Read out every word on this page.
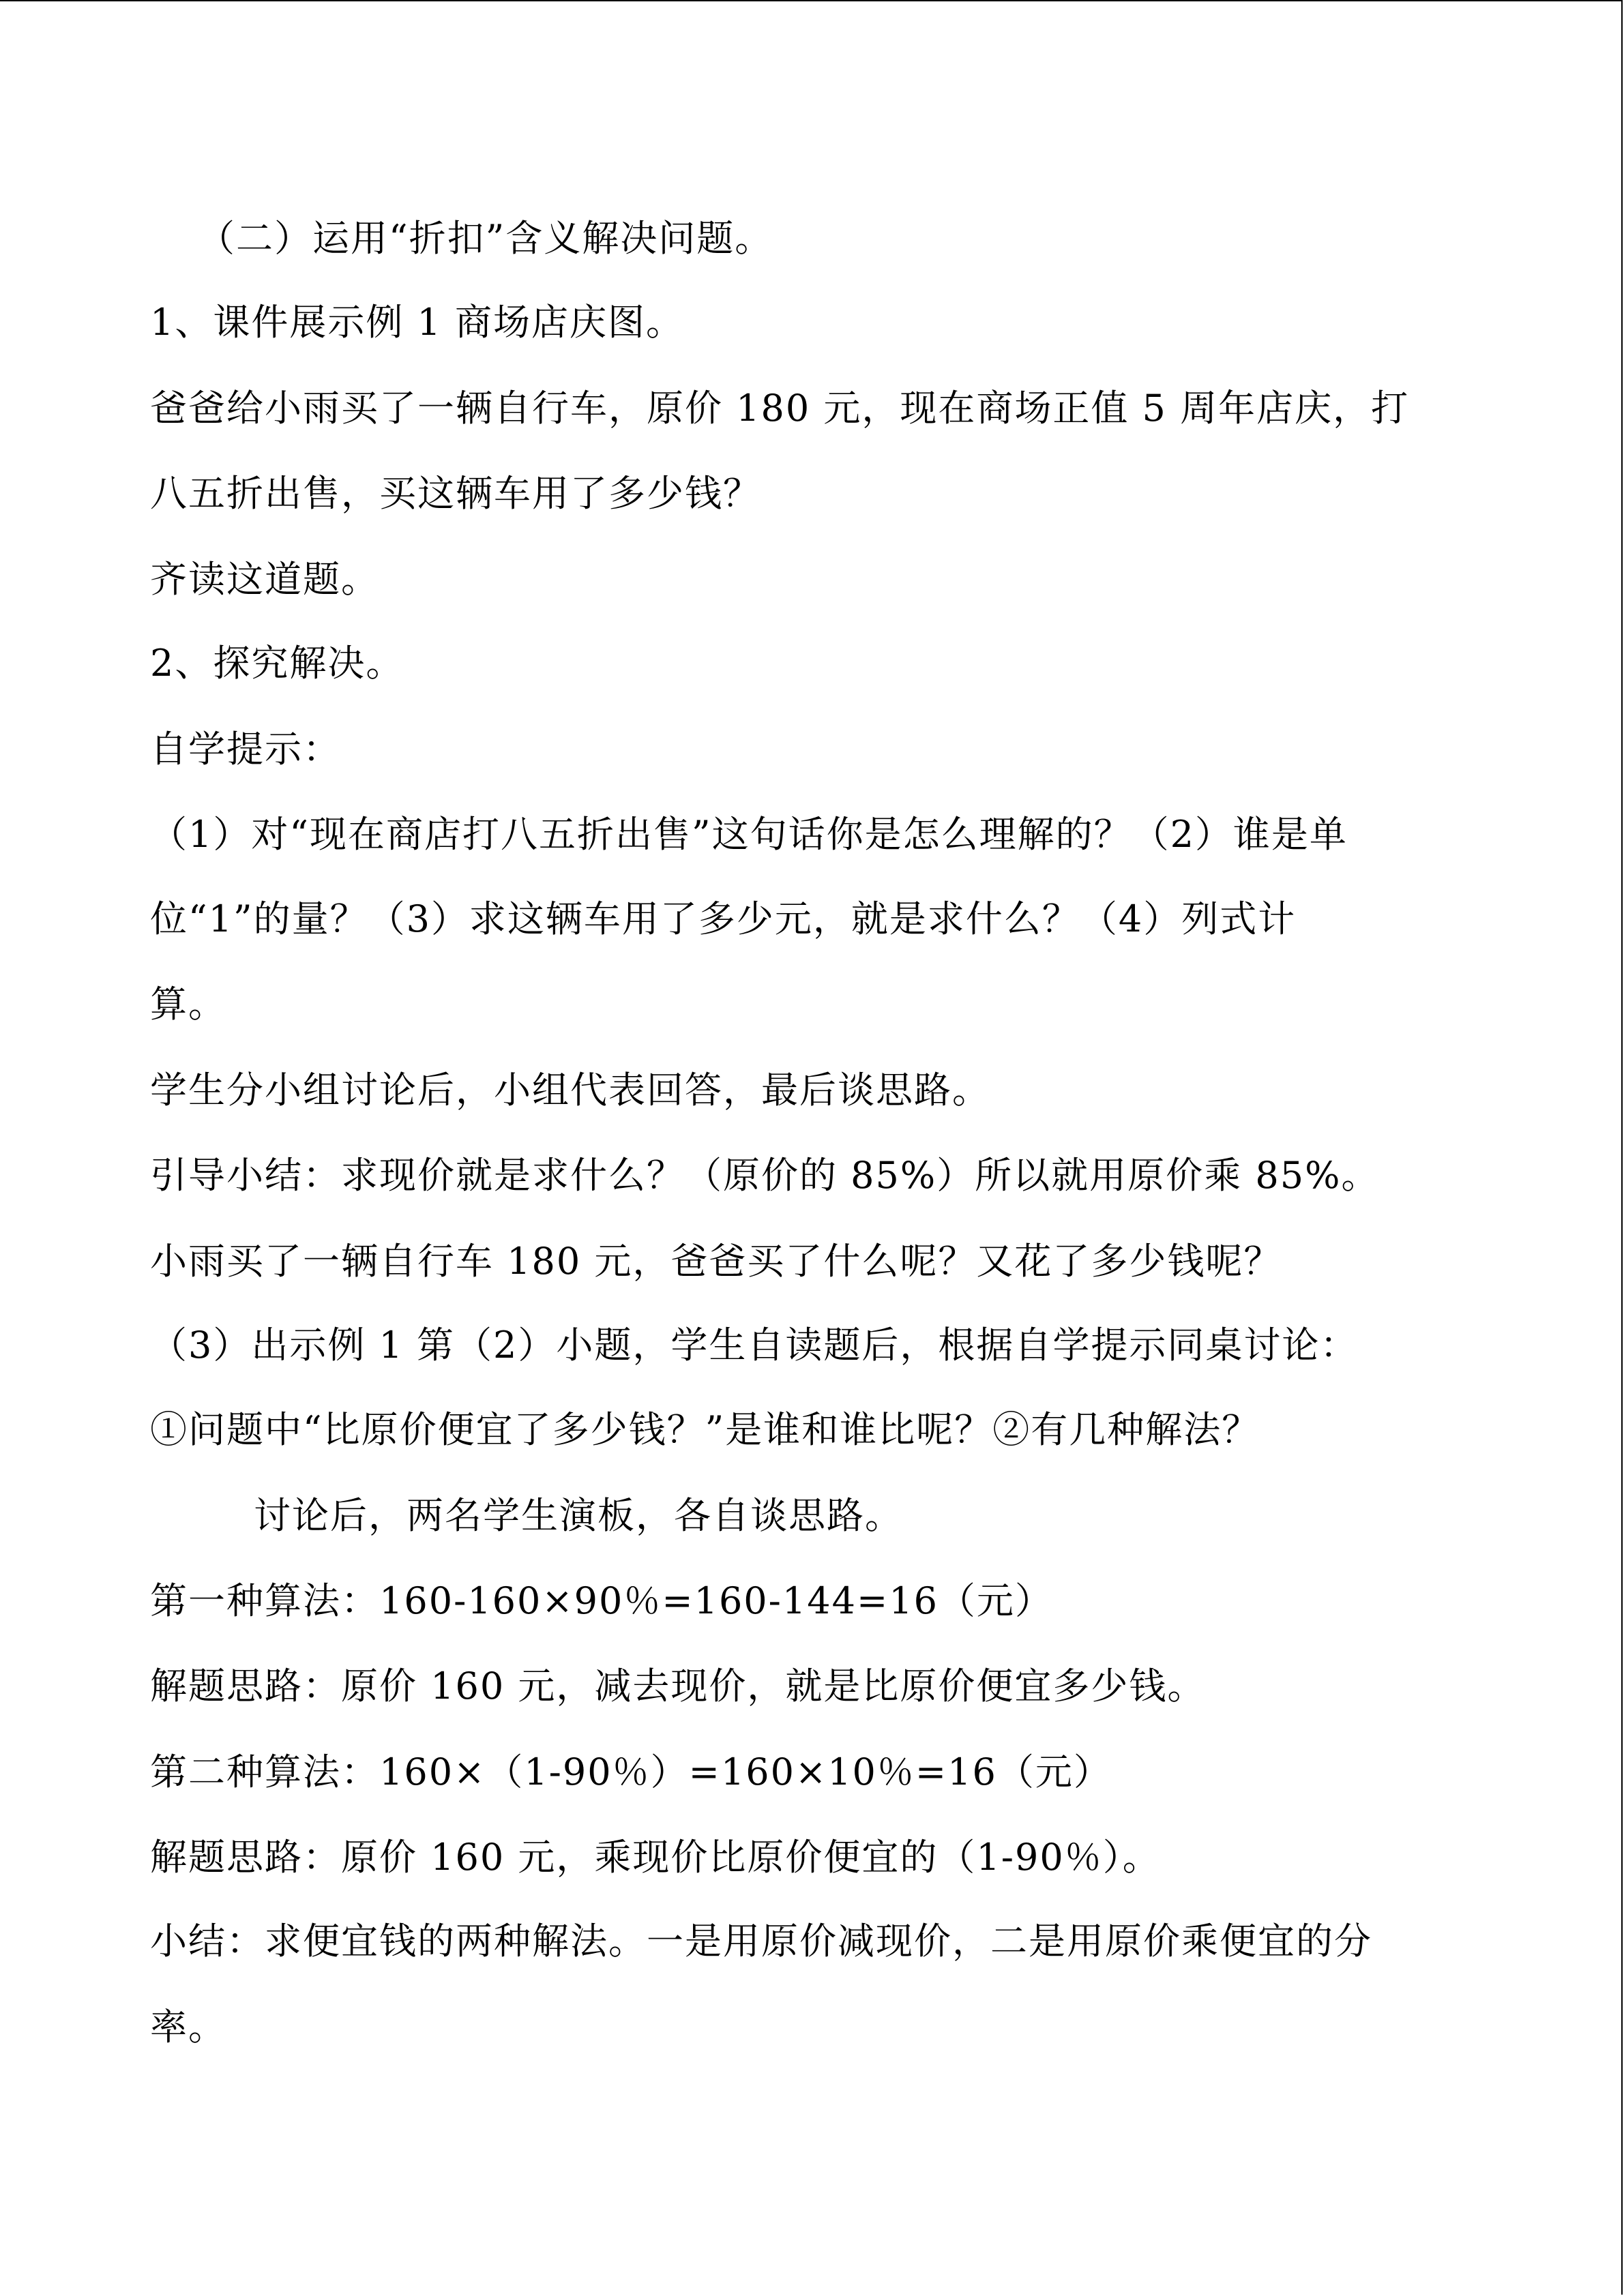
（二）运用“折扣”含义解决问题。
1、课件展示例 1 商场店庆图。
爸爸给小雨买了一辆自行车，原价 180 元，现在商场正值 5 周年店庆，打
八五折出售，买这辆车用了多少钱？
齐读这道题。
2、探究解决。
自学提示：
（1）对“现在商店打八五折出售”这句话你是怎么理解的？（2）谁是单
位“1”的量？（3）求这辆车用了多少元，就是求什么？（4）列式计
算。
学生分小组讨论后，小组代表回答，最后谈思路。
引导小结：求现价就是求什么？（原价的 85%）所以就用原价乘 85%。
小雨买了一辆自行车 180 元，爸爸买了什么呢？又花了多少钱呢？
（3）出示例 1 第（2）小题，学生自读题后，根据自学提示同桌讨论：
①问题中“比原价便宜了多少钱？”是谁和谁比呢？②有几种解法？
讨论后，两名学生演板，各自谈思路。
第一种算法：160-160×90％=160-144=16（元）
解题思路：原价 160 元，减去现价，就是比原价便宜多少钱。
第二种算法：160×（1-90％）=160×10％=16（元）
解题思路：原价 160 元，乘现价比原价便宜的（1-90％）。
小结：求便宜钱的两种解法。一是用原价减现价，二是用原价乘便宜的分
率。
